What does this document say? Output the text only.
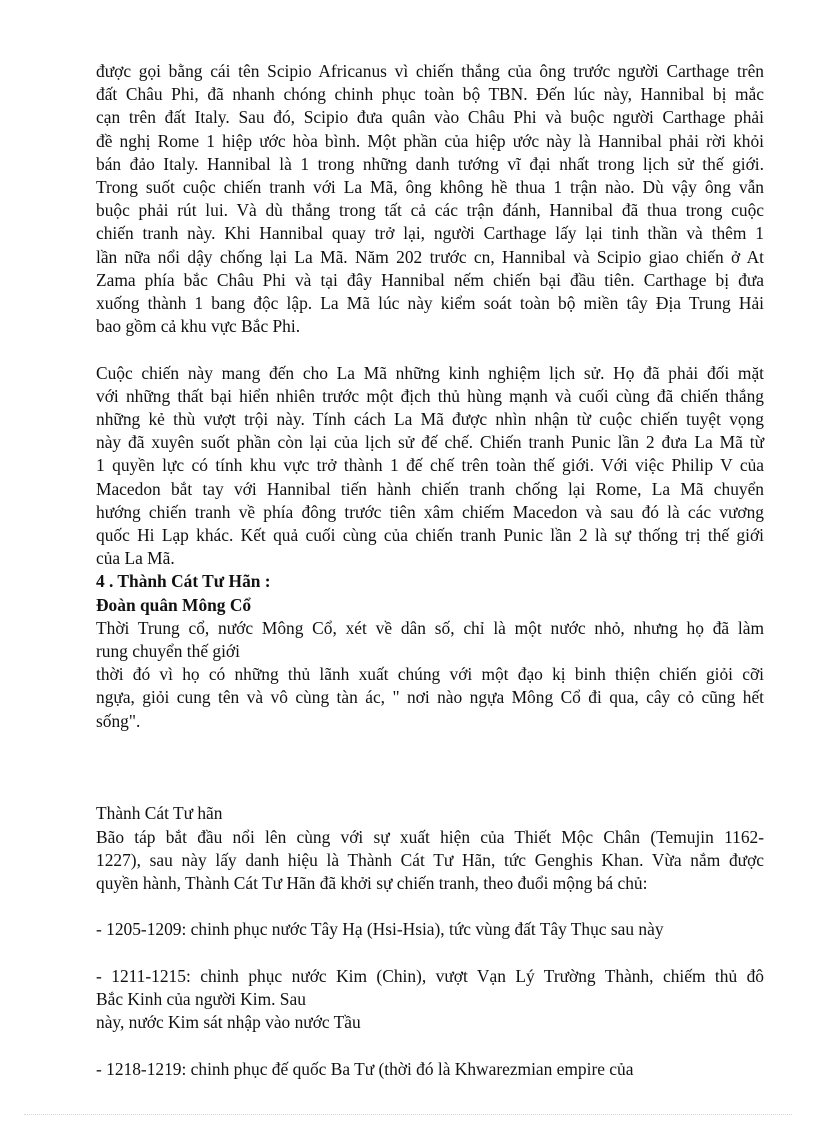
được gọi bằng cái tên Scipio Africanus vì chiến thắng của ông trước người Carthage trên
đất Châu Phi, đã nhanh chóng chinh phục toàn bộ TBN. Đến lúc này, Hannibal bị mắc
cạn trên đất Italy. Sau đó, Scipio đưa quân vào Châu Phi và buộc người Carthage phải
đề nghị Rome 1 hiệp ước hòa bình. Một phần của hiệp ước này là Hannibal phải rời khỏi
bán đảo Italy. Hannibal là 1 trong những danh tướng vĩ đại nhất trong lịch sử thế giới.
Trong suốt cuộc chiến tranh với La Mã, ông không hề thua 1 trận nào. Dù vậy ông vẫn
buộc phải rút lui. Và dù thắng trong tất cả các trận đánh, Hannibal đã thua trong cuộc
chiến tranh này. Khi Hannibal quay trở lại, người Carthage lấy lại tinh thần và thêm 1
lần nữa nổi dậy chống lại La Mã. Năm 202 trước cn, Hannibal và Scipio giao chiến ở At
Zama phía bắc Châu Phi và tại đây Hannibal nếm chiến bại đầu tiên. Carthage bị đưa
xuống thành 1 bang độc lập. La Mã lúc này kiểm soát toàn bộ miền tây Địa Trung Hải
bao gồm cả khu vực Bắc Phi.
Cuộc chiến này mang đến cho La Mã những kinh nghiệm lịch sử. Họ đã phải đối mặt
với những thất bại hiển nhiên trước một địch thủ hùng mạnh và cuối cùng đã chiến thắng
những kẻ thù vượt trội này. Tính cách La Mã được nhìn nhận từ cuộc chiến tuyệt vọng
này đã xuyên suốt phần còn lại của lịch sử đế chế. Chiến tranh Punic lần 2 đưa La Mã từ
1 quyền lực có tính khu vực trở thành 1 đế chế trên toàn thế giới. Với việc Philip V của
Macedon bắt tay với Hannibal tiến hành chiến tranh chống lại Rome, La Mã chuyển
hướng chiến tranh về phía đông trước tiên xâm chiếm Macedon và sau đó là các vương
quốc Hi Lạp khác. Kết quả cuối cùng của chiến tranh Punic lần 2 là sự thống trị thế giới
của La Mã.
4 . Thành Cát Tư Hãn :
Đoàn quân Mông Cổ
Thời Trung cổ, nước Mông Cổ, xét về dân số, chỉ là một nước nhỏ, nhưng họ đã làm
rung chuyển thế giới
thời đó vì họ có những thủ lãnh xuất chúng với một đạo kị binh thiện chiến giỏi cỡi
ngựa, giỏi cung tên và vô cùng tàn ác, " nơi nào ngựa Mông Cổ đi qua, cây cỏ cũng hết
sống".
Thành Cát Tư hãn
Bão táp bắt đầu nổi lên cùng với sự xuất hiện của Thiết Mộc Chân (Temujin 1162-
1227), sau này lấy danh hiệu là Thành Cát Tư Hãn, tức Genghis Khan. Vừa nắm được
quyền hành, Thành Cát Tư Hãn đã khởi sự chiến tranh, theo đuổi mộng bá chủ:
- 1205-1209: chinh phục nước Tây Hạ (Hsi-Hsia), tức vùng đất Tây Thục sau này
- 1211-1215: chinh phục nước Kim (Chin), vượt Vạn Lý Trường Thành, chiếm thủ đô
Bắc Kinh của người Kim. Sau
này, nước Kim sát nhập vào nước Tầu
- 1218-1219: chinh phục đế quốc Ba Tư (thời đó là Khwarezmian empire của
